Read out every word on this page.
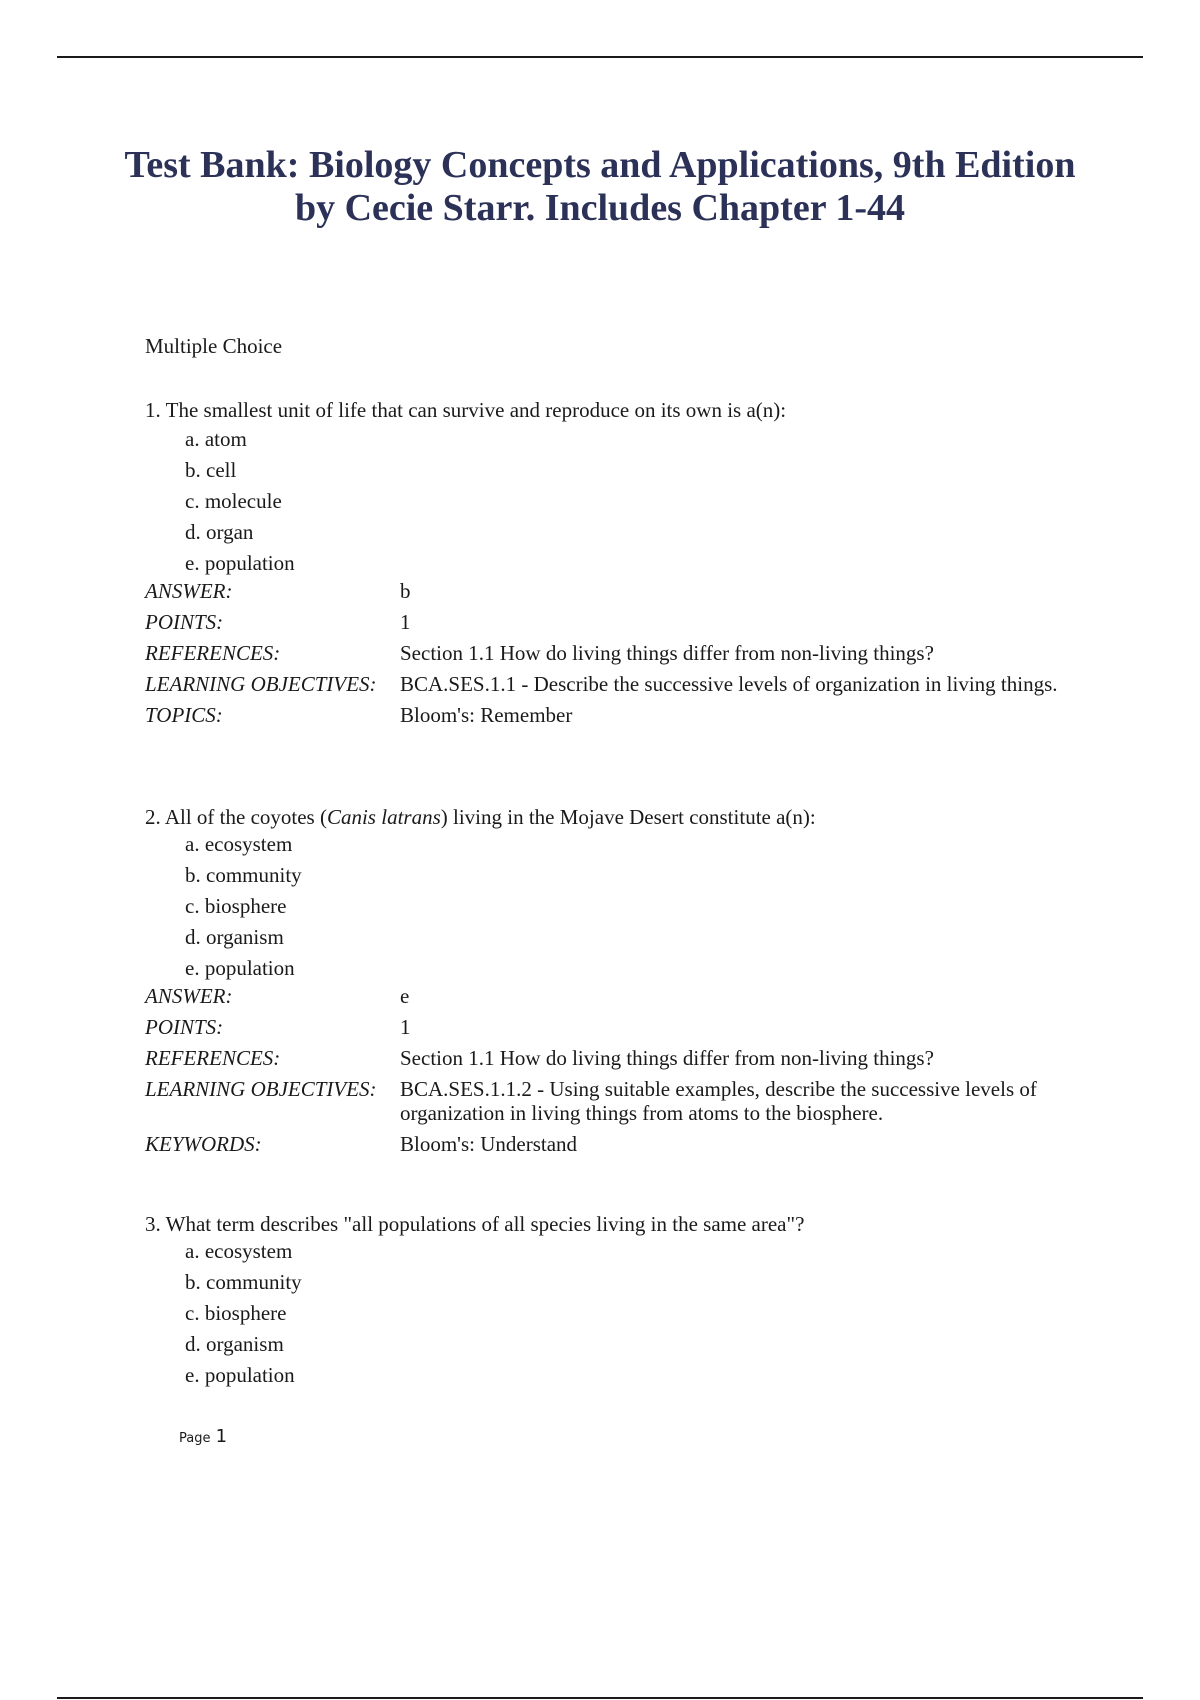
Test Bank: Biology Concepts and Applications, 9th Edition
by Cecie Starr. Includes Chapter 1-44
Multiple Choice
1. The smallest unit of life that can survive and reproduce on its own is a(n):
a. atom
b. cell
c. molecule
d. organ
e. population
ANSWER:	b
POINTS:	1
REFERENCES:	Section 1.1 How do living things differ from non-living things?
LEARNING OBJECTIVES:	BCA.SES.1.1 - Describe the successive levels of organization in living things.
TOPICS:	Bloom's: Remember
2. All of the coyotes (Canis latrans) living in the Mojave Desert constitute a(n):
a. ecosystem
b. community
c. biosphere
d. organism
e. population
ANSWER:	e
POINTS:	1
REFERENCES:	Section 1.1 How do living things differ from non-living things?
LEARNING OBJECTIVES:	BCA.SES.1.1.2 - Using suitable examples, describe the successive levels of organization in living things from atoms to the biosphere.
KEYWORDS:	Bloom's: Understand
3. What term describes "all populations of all species living in the same area"?
a. ecosystem
b. community
c. biosphere
d. organism
e. population
Page 1
